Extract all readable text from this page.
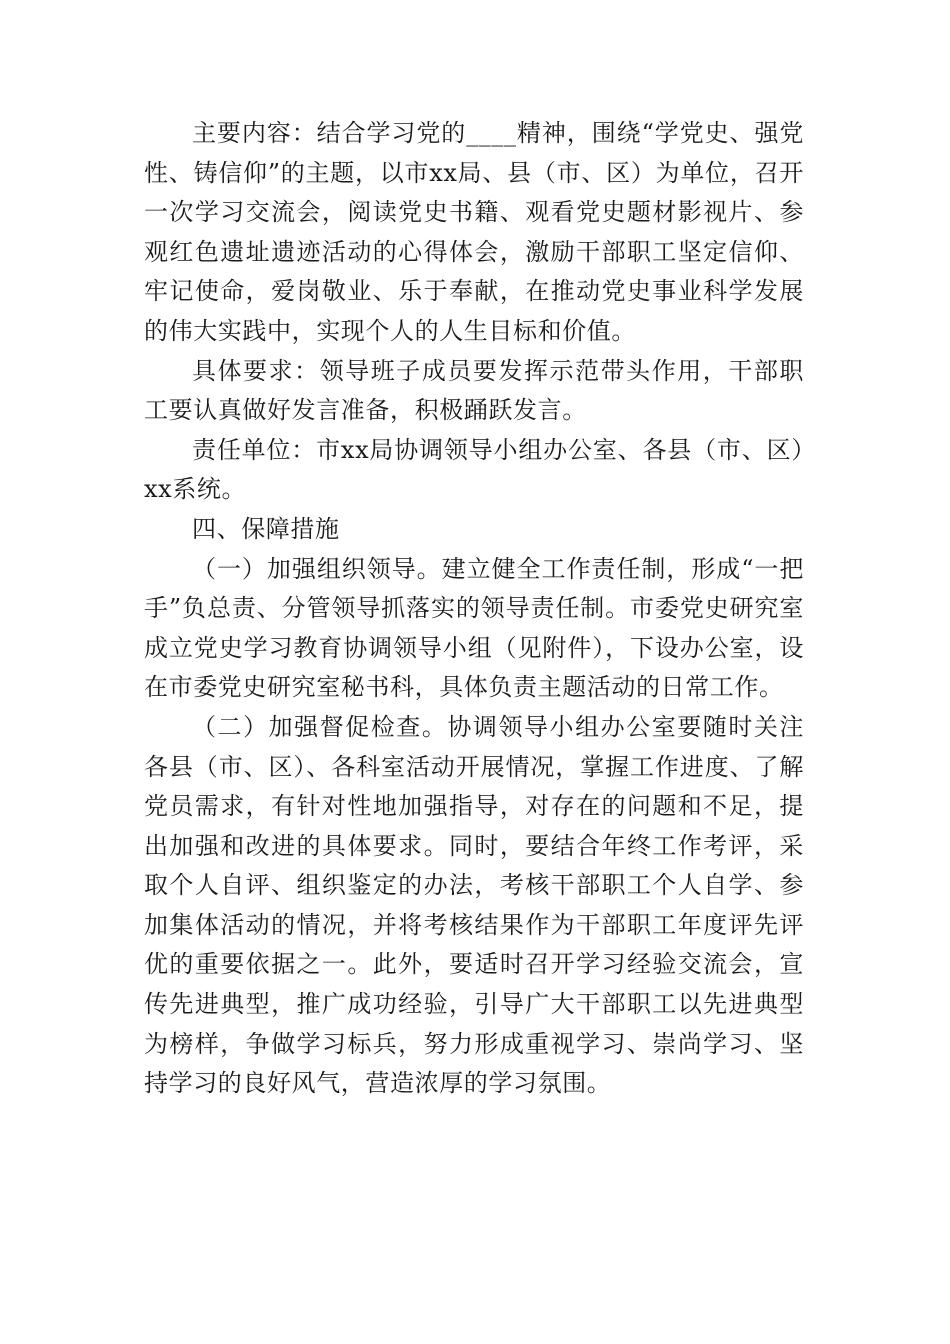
主要内容：结合学习党的____精神，围绕“学党史、强党性、铸信仰”的主题，以市xx局、县（市、区）为单位，召开一次学习交流会，阅读党史书籍、观看党史题材影视片、参观红色遗址遗迹活动的心得体会，激励干部职工坚定信仰、牢记使命，爱岗敬业、乐于奉献，在推动党史事业科学发展的伟大实践中，实现个人的人生目标和价值。

具体要求：领导班子成员要发挥示范带头作用，干部职工要认真做好发言准备，积极踊跃发言。

责任单位：市xx局协调领导小组办公室、各县（市、区）xx系统。

四、保障措施

（一）加强组织领导。建立健全工作责任制，形成“一把手”负总责、分管领导抓落实的领导责任制。市委党史研究室成立党史学习教育协调领导小组（见附件），下设办公室，设在市委党史研究室秘书科，具体负责主题活动的日常工作。

（二）加强督促检查。协调领导小组办公室要随时关注各县（市、区）、各科室活动开展情况，掌握工作进度、了解党员需求，有针对性地加强指导，对存在的问题和不足，提出加强和改进的具体要求。同时，要结合年终工作考评，采取个人自评、组织鉴定的办法，考核干部职工个人自学、参加集体活动的情况，并将考核结果作为干部职工年度评先评优的重要依据之一。此外，要适时召开学习经验交流会，宣传先进典型，推广成功经验，引导广大干部职工以先进典型为榜样，争做学习标兵，努力形成重视学习、崇尚学习、坚持学习的良好风气，营造浓厚的学习氛围。
